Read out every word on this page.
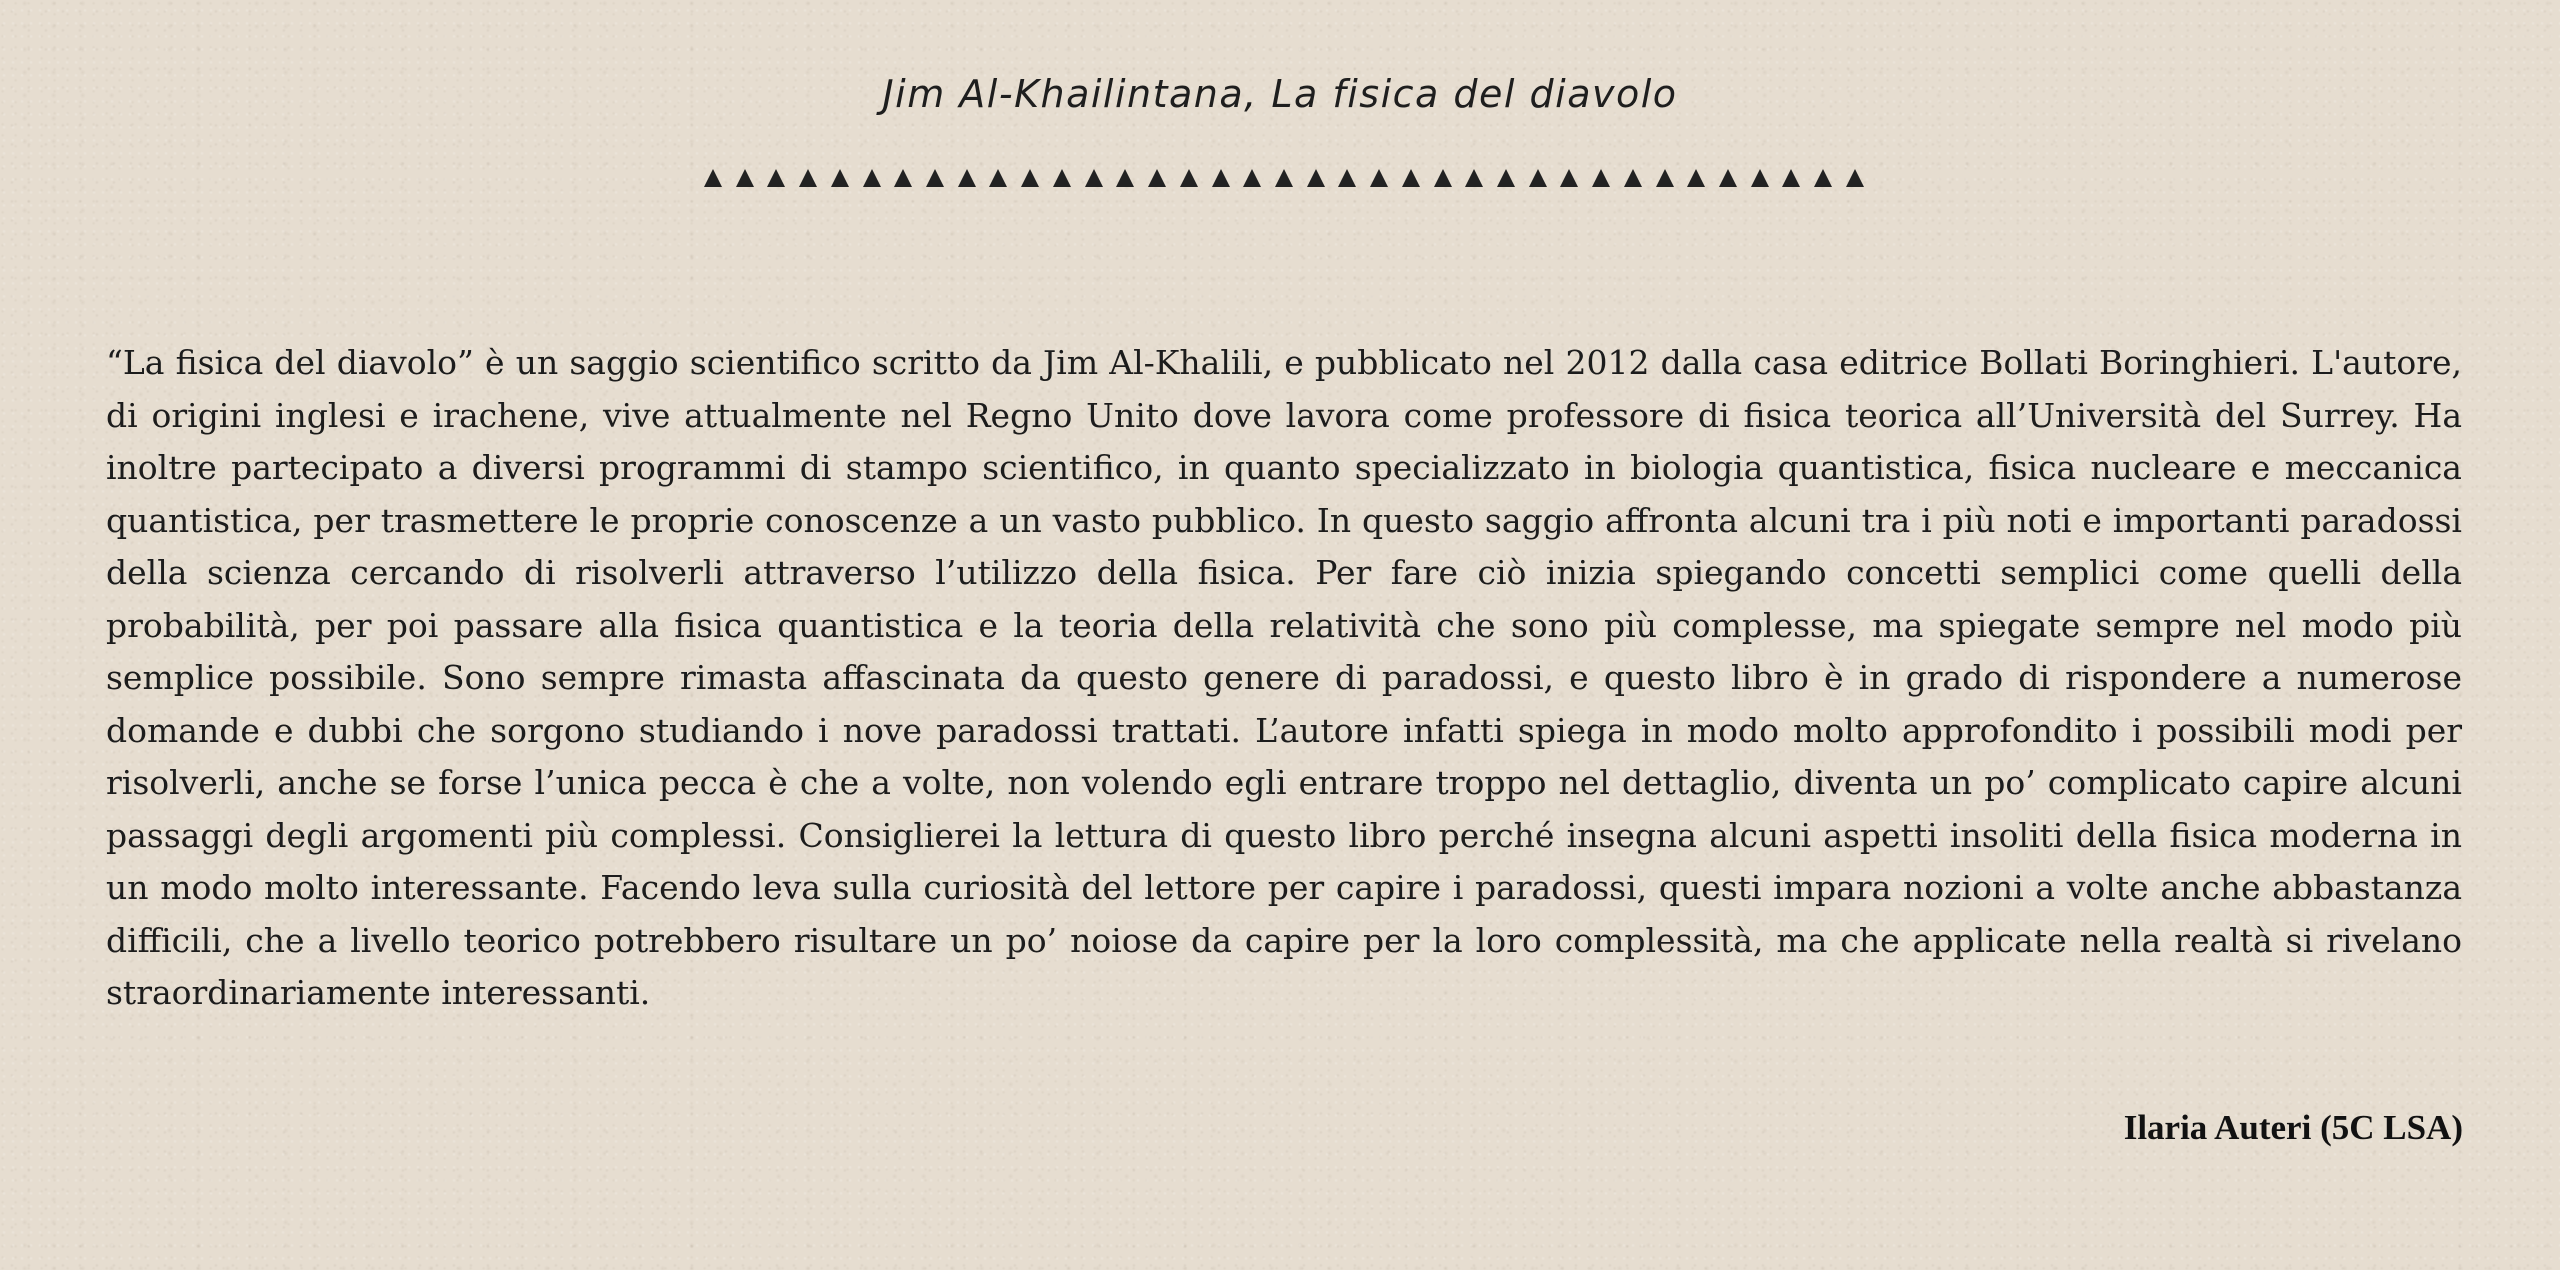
Jim Al-Khailintana, La fisica del diavolo

“La fisica del diavolo” è un saggio scientifico scritto da Jim Al-Khalili, e pubblicato nel 2012 dalla casa editrice Bollati Boringhieri. L'autore, di origini inglesi e irachene, vive attualmente nel Regno Unito dove lavora come professore di fisica teorica all’Università del Surrey. Ha inoltre partecipato a diversi programmi di stampo scientifico, in quanto specializzato in biologia quantistica, fisica nucleare e meccanica quantistica, per trasmettere le proprie conoscenze a un vasto pubblico. In questo saggio affronta alcuni tra i più noti e importanti paradossi della scienza cercando di risolverli attraverso l’utilizzo della fisica. Per fare ciò inizia spiegando concetti semplici come quelli della probabilità, per poi passare alla fisica quantistica e la teoria della relatività che sono più complesse, ma spiegate sempre nel modo più semplice possibile. Sono sempre rimasta affascinata da questo genere di paradossi, e questo libro è in grado di rispondere a numerose domande e dubbi che sorgono studiando i nove paradossi trattati. L’autore infatti spiega in modo molto approfondito i possibili modi per risolverli, anche se forse l’unica pecca è che a volte, non volendo egli entrare troppo nel dettaglio, diventa un po’ complicato capire alcuni passaggi degli argomenti più complessi. Consiglierei la lettura di questo libro perché insegna alcuni aspetti insoliti della fisica moderna in un modo molto interessante. Facendo leva sulla curiosità del lettore per capire i paradossi, questi impara nozioni a volte anche abbastanza difficili, che a livello teorico potrebbero risultare un po’ noiose da capire per la loro complessità, ma che applicate nella realtà si rivelano straordinariamente interessanti.

Ilaria Auteri (5C LSA)
